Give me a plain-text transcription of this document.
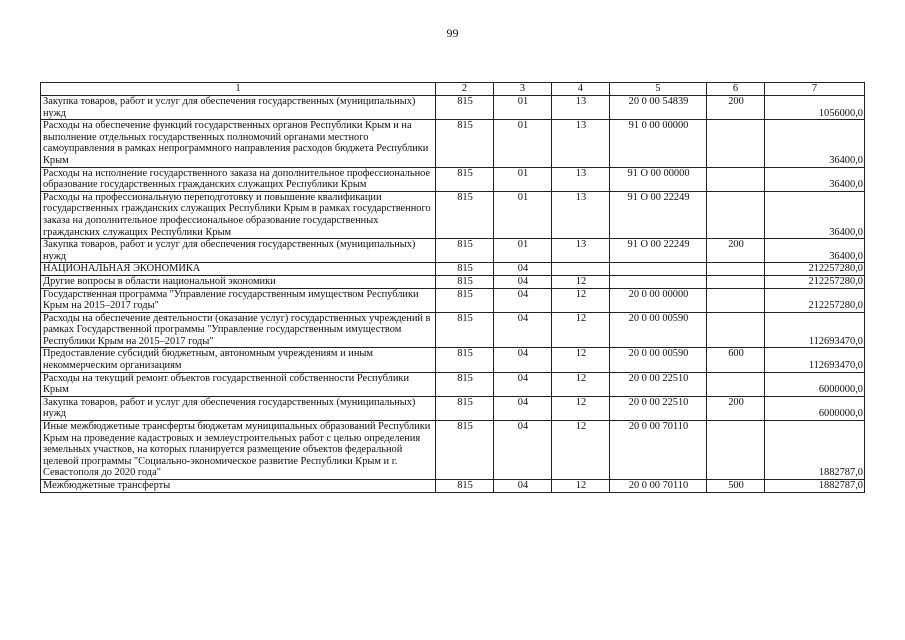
99
1	2	3	4	5	6	7
Закупка товаров, работ и услуг для обеспечения государственных (муниципальных) нужд	815	01	13	20 0 00 54839	200	1056000,0
Расходы на обеспечение функций государственных органов Республики Крым и на выполнение отдельных государственных полномочий органами местного самоуправления в рамках непрограммного направления расходов бюджета Республики Крым	815	01	13	91 0 00 00000		36400,0
Расходы на исполнение государственного заказа на дополнительное профессиональное образование государственных гражданских служащих Республики Крым	815	01	13	91 О 00 00000		36400,0
Расходы на профессиональную переподготовку и повышение квалификации государственных гражданских служащих Республики Крым в рамках государственного заказа на дополнительное профессиональное образование государственных гражданских служащих Республики Крым	815	01	13	91 О 00 22249		36400,0
Закупка товаров, работ и услуг для обеспечения государственных (муниципальных) нужд	815	01	13	91 О 00 22249	200	36400,0
НАЦИОНАЛЬНАЯ ЭКОНОМИКА	815	04				212257280,0
Другие вопросы в области национальной экономики	815	04	12			212257280,0
Государственная программа "Управление государственным имуществом Республики Крым на 2015–2017 годы"	815	04	12	20 0 00 00000		212257280,0
Расходы на обеспечение деятельности (оказание услуг) государственных учреждений в рамках Государственной программы "Управление государственным имуществом Республики Крым на 2015–2017 годы"	815	04	12	20 0 00 00590		112693470,0
Предоставление субсидий бюджетным, автономным учреждениям и иным некоммерческим организациям	815	04	12	20 0 00 00590	600	112693470,0
Расходы на текущий ремонт объектов государственной собственности Республики Крым	815	04	12	20 0 00 22510		6000000,0
Закупка товаров, работ и услуг для обеспечения государственных (муниципальных) нужд	815	04	12	20 0 00 22510	200	6000000,0
Иные межбюджетные трансферты бюджетам муниципальных образований Республики Крым на проведение кадастровых и землеустроительных работ с целью определения земельных участков, на которых планируется размещение объектов федеральной целевой программы "Социально-экономическое развитие Республики Крым и г. Севастополя до 2020 года"	815	04	12	20 0 00 70110		1882787,0
Межбюджетные трансферты	815	04	12	20 0 00 70110	500	1882787,0
